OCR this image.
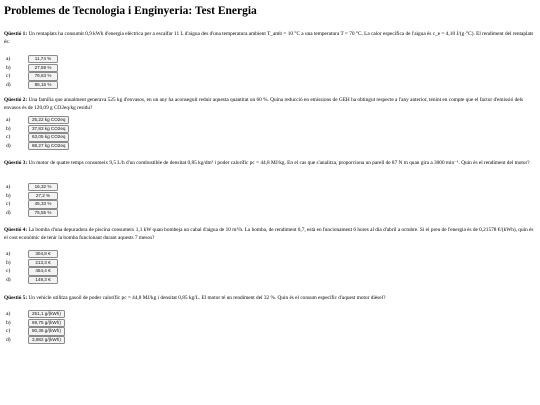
Problemes de Tecnologia i Enginyeria: Test Energia
Qüestió 1: Un rentaplats ha consumit 0,9 kWh d'energia elèctrica per a escalfar 11 L d'aigua des d'una temperatura ambient T_amb = 10 °C a una temperatura T = 70 °C. La calor específica de l'aigua és c_e = 4,18 J/(g·°C). El rendiment del rentaplats és:
a)	11,74 %
b)	27,59 %
c)	76,63 %
d)	85,15 %
Qüestió 2: Una família que anualment generava 525 kg d'envasos, en un any ha aconseguit reduir aquesta quantitat un 60 %. Quina reducció en emissions de GEH ha obtingut respecte a l'any anterior, tenint en compte que el factor d'emissió dels envasos és de 120,09 g CO2eq/kg residu?
a)	25,22 kg CO2eq
b)	37,83 kg CO2eq
c)	63,05 kg CO2eq
d)	88,27 kg CO2eq
Qüestió 3: Un motor de quatre temps consumeix 9,5 L/h d'un combustible de densitat 0,85 kg/dm³ i poder calorífic pc = 44,8 MJ/kg. En el cas que s'analitza, proporciona un parell de 87 N m quan gira a 3000 min⁻¹. Quin és el rendiment del motor?
a)	16,32 %
b)	27,2 %
c)	45,33 %
d)	75,55 %
Qüestió 4: La bomba d'una depuradora de piscina consumeix 1,1 kW quan bombeja un cabal d'aigua de 10 m³/h. La bomba, de rendiment 0,7, està en funcionament 6 hores al dia d'abril a octubre. Si el preu de l'energia és de 0,21578 €/(kWh), quin és el cost econòmic de tenir la bomba funcionant durant aquests 7 mesos?
a)	304,8 €
b)	213,3 €
c)	454,4 €
d)	149,3 €
Qüestió 5: Un vehicle utilitza gasoil de poder calorífic pc = 44,8 MJ/kg i densitat 0,85 kg/L. El motor té un rendiment del 32 %. Quin és el consum específic d'aquest motor dièsel?
a)	251,1 g/(kWh)
b)	69,75 g/(kWh)
c)	80,36 g/(kWh)
d)	3,982 g/(kWh)
